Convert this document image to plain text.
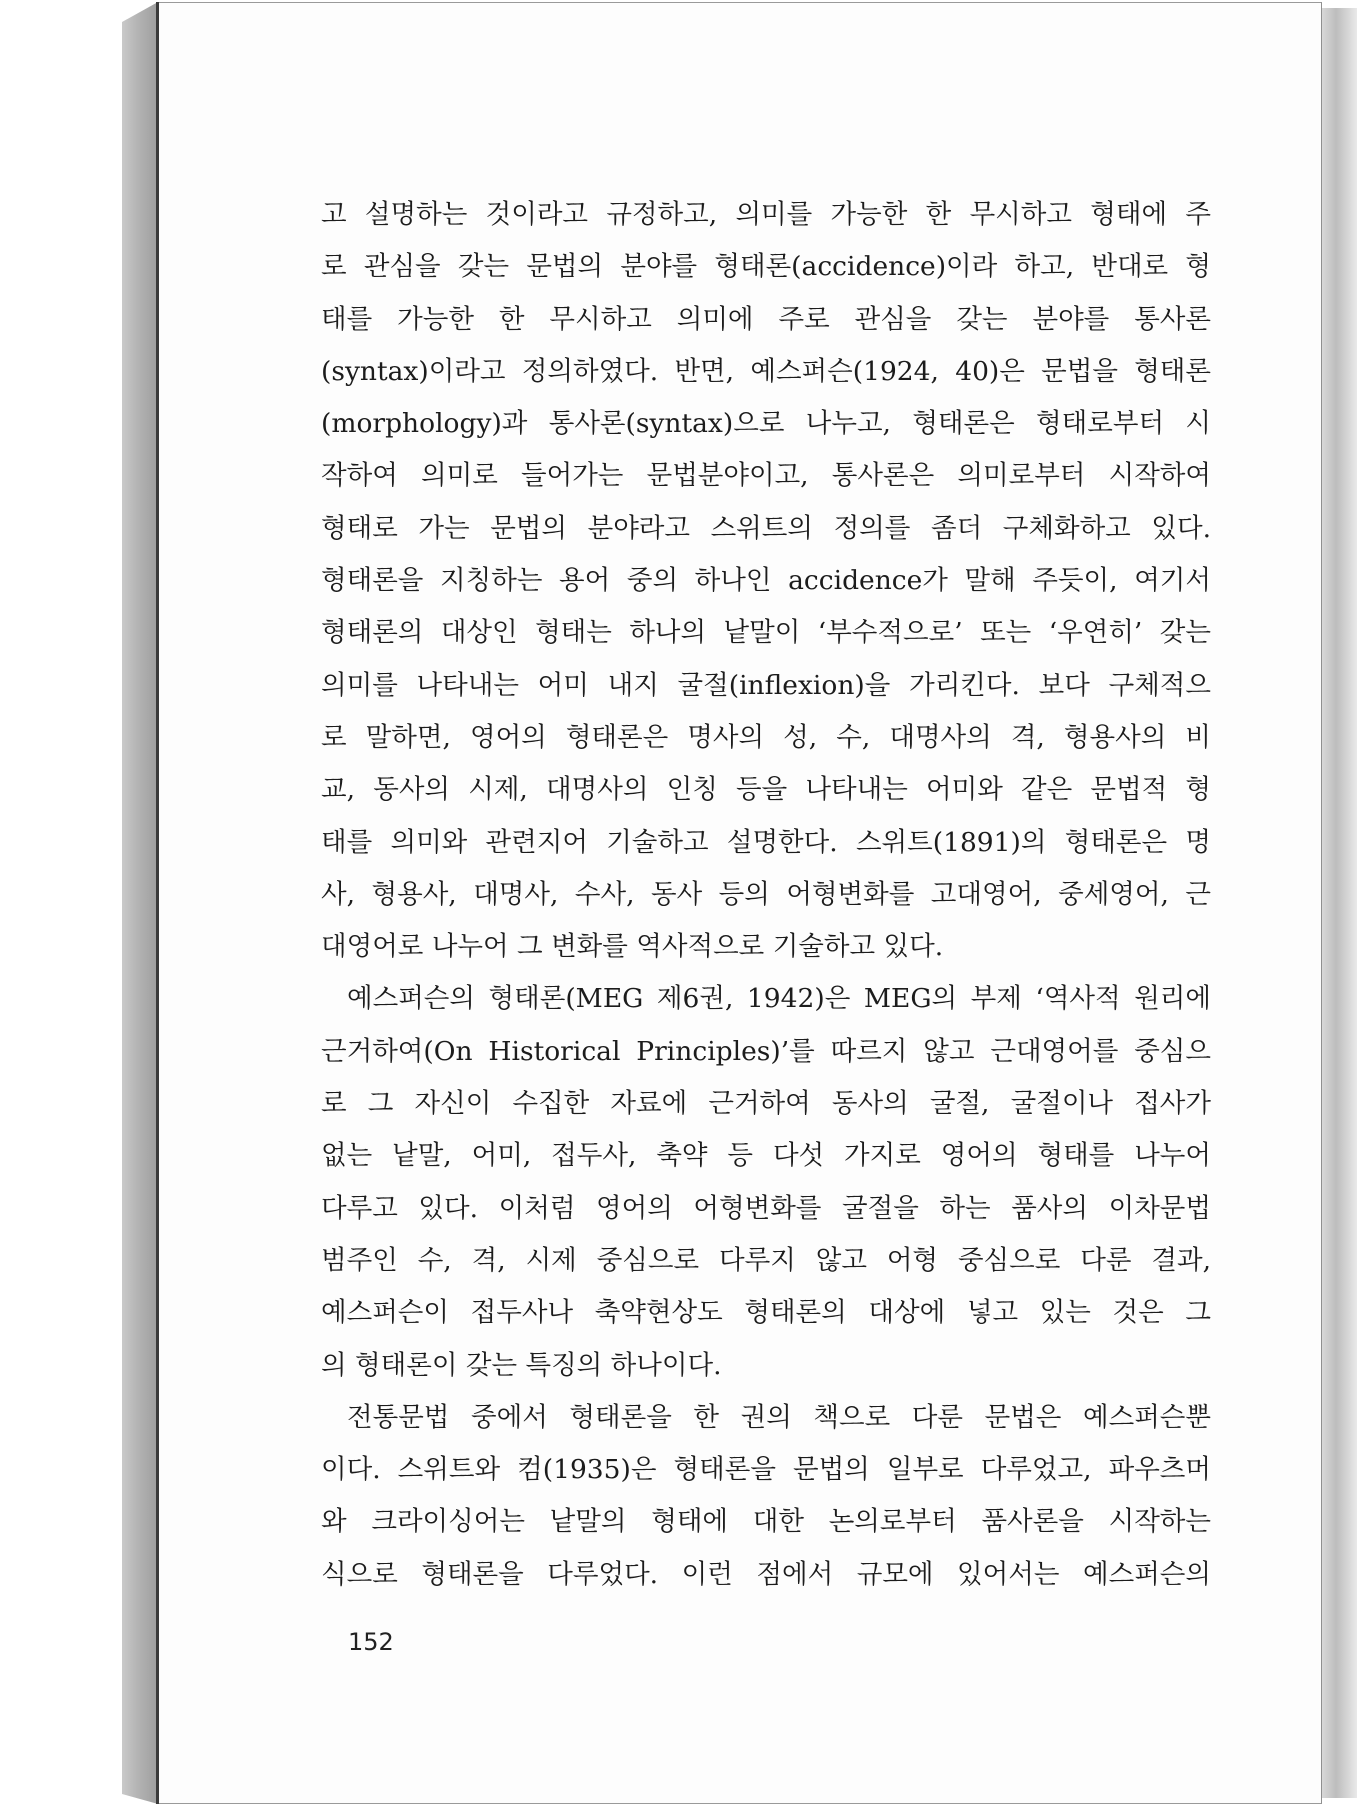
고 설명하는 것이라고 규정하고, 의미를 가능한 한 무시하고 형태에 주
로 관심을 갖는 문법의 분야를 형태론(accidence)이라 하고, 반대로 형
태를 가능한 한 무시하고 의미에 주로 관심을 갖는 분야를 통사론
(syntax)이라고 정의하였다. 반면, 예스퍼슨(1924, 40)은 문법을 형태론
(morphology)과 통사론(syntax)으로 나누고, 형태론은 형태로부터 시
작하여 의미로 들어가는 문법분야이고, 통사론은 의미로부터 시작하여
형태로 가는 문법의 분야라고 스위트의 정의를 좀더 구체화하고 있다.
형태론을 지칭하는 용어 중의 하나인 accidence가 말해 주듯이, 여기서
형태론의 대상인 형태는 하나의 낱말이 ‘부수적으로’ 또는 ‘우연히’ 갖는
의미를 나타내는 어미 내지 굴절(inflexion)을 가리킨다. 보다 구체적으
로 말하면, 영어의 형태론은 명사의 성, 수, 대명사의 격, 형용사의 비
교, 동사의 시제, 대명사의 인칭 등을 나타내는 어미와 같은 문법적 형
태를 의미와 관련지어 기술하고 설명한다. 스위트(1891)의 형태론은 명
사, 형용사, 대명사, 수사, 동사 등의 어형변화를 고대영어, 중세영어, 근
대영어로 나누어 그 변화를 역사적으로 기술하고 있다.
예스퍼슨의 형태론(MEG 제6권, 1942)은 MEG의 부제 ‘역사적 원리에
근거하여(On Historical Principles)’를 따르지 않고 근대영어를 중심으
로 그 자신이 수집한 자료에 근거하여 동사의 굴절, 굴절이나 접사가
없는 낱말, 어미, 접두사, 축약 등 다섯 가지로 영어의 형태를 나누어
다루고 있다. 이처럼 영어의 어형변화를 굴절을 하는 품사의 이차문법
범주인 수, 격, 시제 중심으로 다루지 않고 어형 중심으로 다룬 결과,
예스퍼슨이 접두사나 축약현상도 형태론의 대상에 넣고 있는 것은 그
의 형태론이 갖는 특징의 하나이다.
전통문법 중에서 형태론을 한 권의 책으로 다룬 문법은 예스퍼슨뿐
이다. 스위트와 컴(1935)은 형태론을 문법의 일부로 다루었고, 파우츠머
와 크라이싱어는 낱말의 형태에 대한 논의로부터 품사론을 시작하는
식으로 형태론을 다루었다. 이런 점에서 규모에 있어서는 예스퍼슨의
152
